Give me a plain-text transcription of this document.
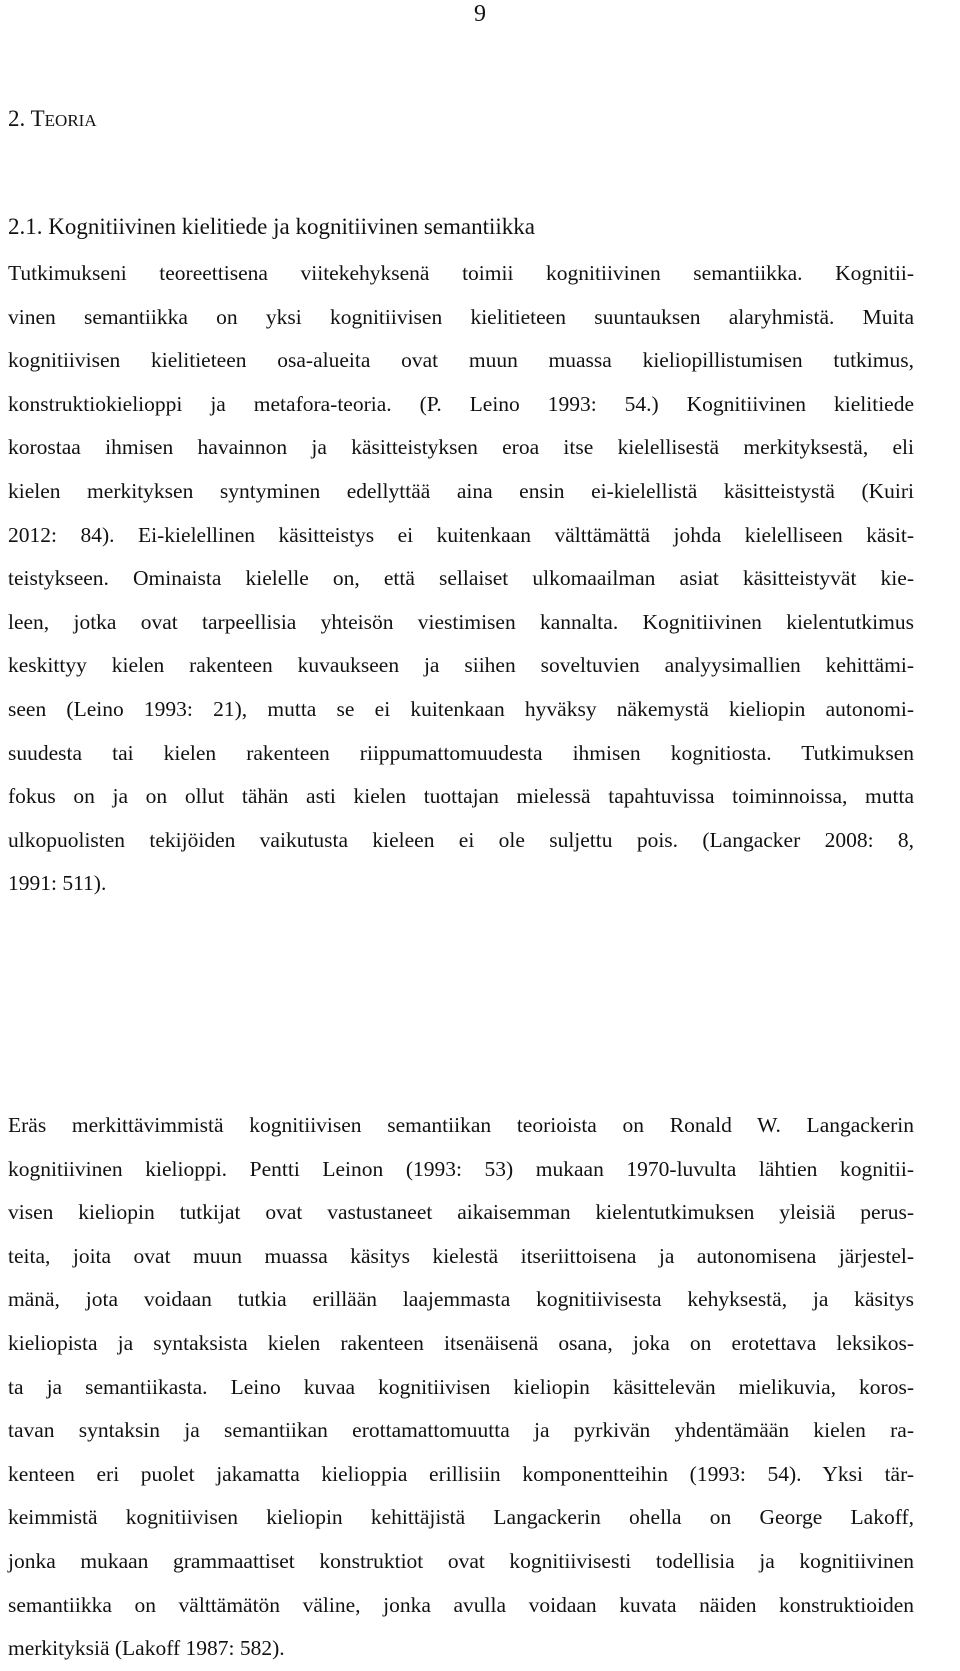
9
2. TEORIA
2.1. Kognitiivinen kielitiede ja kognitiivinen semantiikka
Tutkimukseni teoreettisena viitekehyksenä toimii kognitiivinen semantiikka. Kognitii-
vinen semantiikka on yksi kognitiivisen kielitieteen suuntauksen alaryhmistä. Muita
kognitiivisen kielitieteen osa-alueita ovat muun muassa kieliopillistumisen tutkimus,
konstruktiokielioppi ja metafora-teoria. (P. Leino 1993: 54.) Kognitiivinen kielitiede
korostaa ihmisen havainnon ja käsitteistyksen eroa itse kielellisestä merkityksestä, eli
kielen merkityksen syntyminen edellyttää aina ensin ei-kielellistä käsitteistystä (Kuiri
2012: 84). Ei-kielellinen käsitteistys ei kuitenkaan välttämättä johda kielelliseen käsit-
teistykseen. Ominaista kielelle on, että sellaiset ulkomaailman asiat käsitteistyvät kie-
leen, jotka ovat tarpeellisia yhteisön viestimisen kannalta. Kognitiivinen kielentutkimus
keskittyy kielen rakenteen kuvaukseen ja siihen soveltuvien analyysimallien kehittämi-
seen (Leino 1993: 21), mutta se ei kuitenkaan hyväksy näkemystä kieliopin autonomi-
suudesta tai kielen rakenteen riippumattomuudesta ihmisen kognitiosta. Tutkimuksen
fokus on ja on ollut tähän asti kielen tuottajan mielessä tapahtuvissa toiminnoissa, mutta
ulkopuolisten tekijöiden vaikutusta kieleen ei ole suljettu pois. (Langacker 2008: 8,
1991: 511).
Eräs merkittävimmistä kognitiivisen semantiikan teorioista on Ronald W. Langackerin
kognitiivinen kielioppi. Pentti Leinon (1993: 53) mukaan 1970-luvulta lähtien kognitii-
visen kieliopin tutkijat ovat vastustaneet aikaisemman kielentutkimuksen yleisiä perus-
teita, joita ovat muun muassa käsitys kielestä itseriittoisena ja autonomisena järjestel-
mänä, jota voidaan tutkia erillään laajemmasta kognitiivisesta kehyksestä, ja käsitys
kieliopista ja syntaksista kielen rakenteen itsenäisenä osana, joka on erotettava leksikos-
ta ja semantiikasta. Leino kuvaa kognitiivisen kieliopin käsittelevän mielikuvia, koros-
tavan syntaksin ja semantiikan erottamattomuutta ja pyrkivän yhdentämään kielen ra-
kenteen eri puolet jakamatta kielioppia erillisiin komponentteihin (1993: 54). Yksi tär-
keimmistä kognitiivisen kieliopin kehittäjistä Langackerin ohella on George Lakoff,
jonka mukaan grammaattiset konstruktiot ovat kognitiivisesti todellisia ja kognitiivinen
semantiikka on välttämätön väline, jonka avulla voidaan kuvata näiden konstruktioiden
merkityksiä (Lakoff 1987: 582).
